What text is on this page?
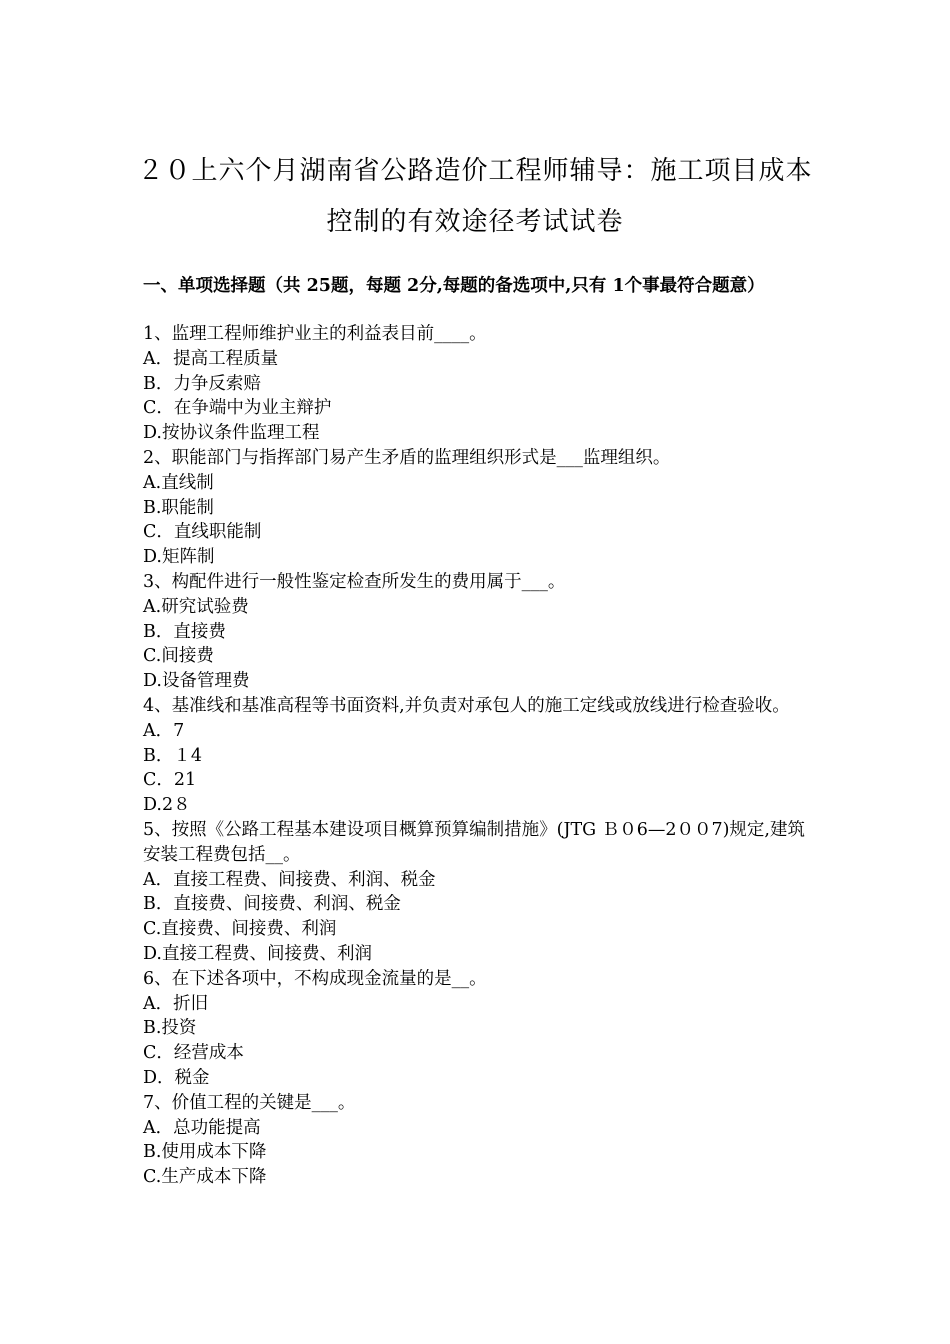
２０上六个月湖南省公路造价工程师辅导：施工项目成本
控制的有效途径考试试卷
一、单项选择题（共 25题，每题 2分,每题的备选项中,只有 1个事最符合题意）
1、监理工程师维护业主的利益表目前____。
A．提高工程质量
B．力争反索赔
C．在争端中为业主辩护
D.按协议条件监理工程
2、职能部门与指挥部门易产生矛盾的监理组织形式是___监理组织。
A.直线制
B.职能制
C．直线职能制
D.矩阵制
3、构配件进行一般性鉴定检查所发生的费用属于___。
A.研究试验费
B．直接费
C.间接费
D.设备管理费
4、基准线和基准高程等书面资料,并负责对承包人的施工定线或放线进行检查验收。
A．7
B．１4
C．21
D.2８
5、按照《公路工程基本建设项目概算预算编制措施》(JTG Ｂ０6—2００7)规定,建筑安装工程费包括__。
A．直接工程费、间接费、利润、税金
B．直接费、间接费、利润、税金
C.直接费、间接费、利润
D.直接工程费、间接费、利润
6、在下述各项中，不构成现金流量的是__。
A．折旧
B.投资
C．经营成本
D．税金
7、价值工程的关键是___。
A．总功能提高
B.使用成本下降
C.生产成本下降
